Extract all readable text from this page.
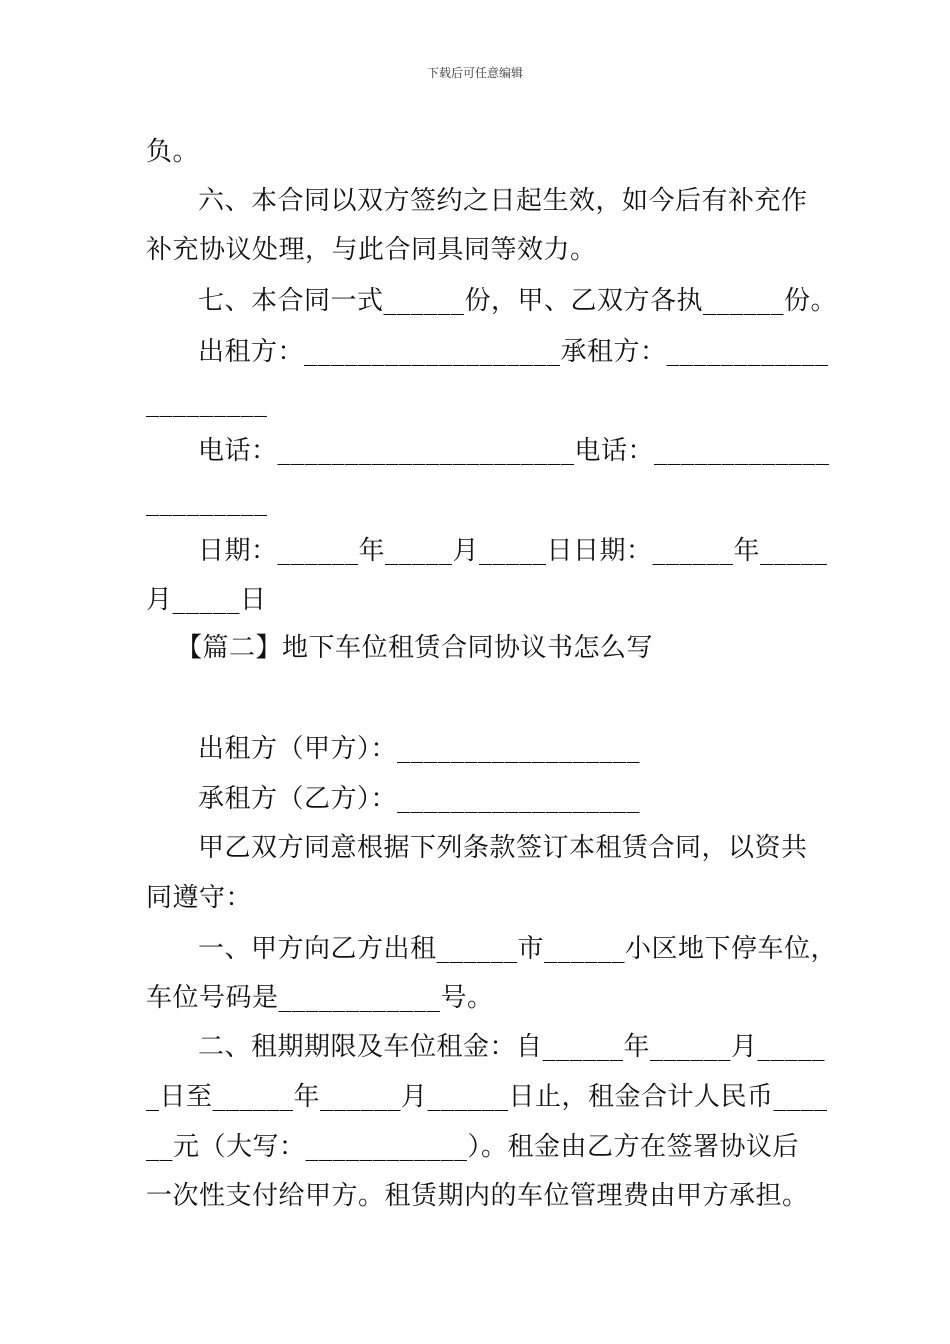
下载后可任意编辑
负。
六、本合同以双方签约之日起生效，如今后有补充作
补充协议处理，与此合同具同等效力。
七、本合同一式______份，甲、乙双方各执______份。
出租方：___________________承租方：____________
_________
电话：______________________电话：_____________
_________
日期：______年_____月_____日日期：______年_____
月_____日
【篇二】地下车位租赁合同协议书怎么写
出租方（甲方）：__________________
承租方（乙方）：__________________
甲乙双方同意根据下列条款签订本租赁合同，以资共
同遵守：
一、甲方向乙方出租______市______小区地下停车位，
车位号码是____________号。
二、租期期限及车位租金：自______年______月_____
_日至______年______月______日止，租金合计人民币____
__元（大写：____________）。租金由乙方在签署协议后
一次性支付给甲方。租赁期内的车位管理费由甲方承担。
